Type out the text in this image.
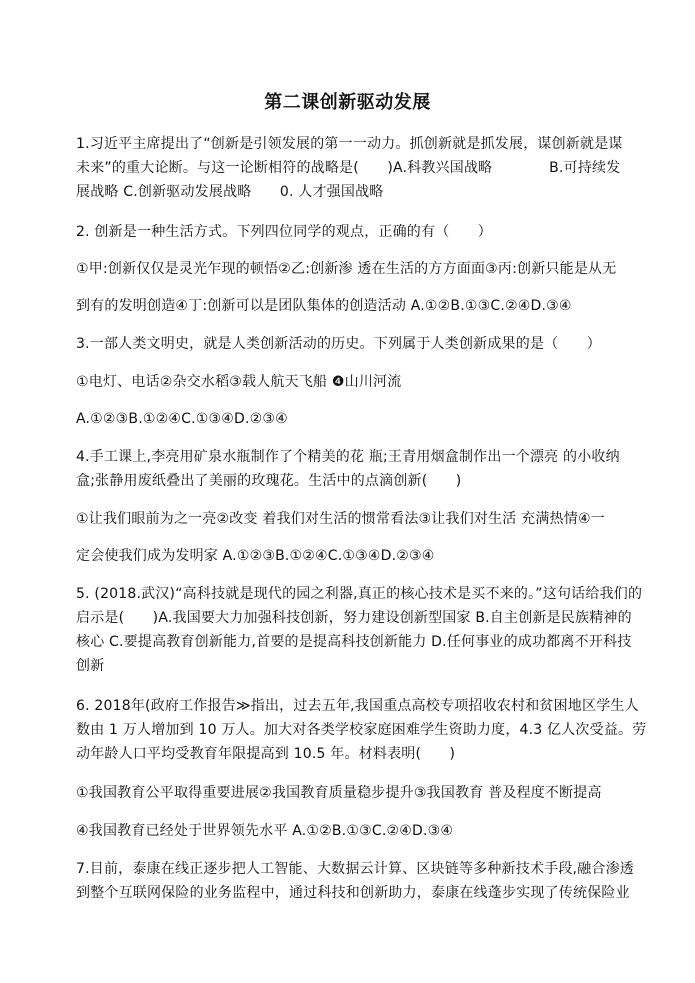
第二课创新驱动发展
1.习近平主席提出了“创新是引领发展的第一一动力。抓创新就是抓发展，谋创新就是谋
未来”的重大论断。与这一论断相符的战略是(　　)A.科教兴国战略　　　　B.可持续发
展战略 C.创新驱动发展战略　　0. 人才强国战略
2. 创新是一种生活方式。下列四位同学的观点，正确的有（　　）
①甲:创新仅仅是灵光乍现的顿悟②乙:创新渗 透在生活的方方面面③丙:创新只能是从无
到有的发明创造④丁:创新可以是团队集体的创造活动 A.①②B.①③C.②④D.③④
3.一部人类文明史，就是人类创新活动的历史。下列属于人类创新成果的是（　　）
①电灯、电话②杂交水稻③载人航天飞船 ❹山川河流
A.①②③B.①②④C.①③④D.②③④
4.手工课上,李亮用矿泉水瓶制作了个精美的花 瓶;王青用烟盒制作出一个漂亮 的小收纳
盒;张静用废纸叠出了美丽的玫瑰花。生活中的点滴创新(　　)
①让我们眼前为之一亮②改变 着我们对生活的惯常看法③让我们对生活 充满热情④一
定会使我们成为发明家 A.①②③B.①②④C.①③④D.②③④
5. (2018.武汉)“高科技就是现代的园之利器,真正的核心技术是买不来的。”这句话给我们的
启示是(　　)A.我国要大力加强科技创新，努力建设创新型国家 B.自主创新是民族精神的
核心 C.要提高教育创新能力,首要的是提高科技创新能力 D.任何事业的成功都离不开科技
创新
6. 2018年(政府工作报告≫指出，过去五年,我国重点高校专项招收农村和贫困地区学生人
数由 1 万人增加到 10 万人。加大对各类学校家庭困难学生资助力度，4.3 亿人次受益。劳
动年龄人口平均受教育年限提高到 10.5 年。材料表明(　　)
①我国教育公平取得重要进展②我国教育质量稳步提升③我国教育 普及程度不断提高
④我国教育已经处于世界领先水平 A.①②B.①③C.②④D.③④
7.目前，泰康在线正逐步把人工智能、大数据云计算、区块链等多种新技术手段,融合渗透
到整个互联网保险的业务监程中，通过科技和创新助力，泰康在线蓬步实现了传统保险业
